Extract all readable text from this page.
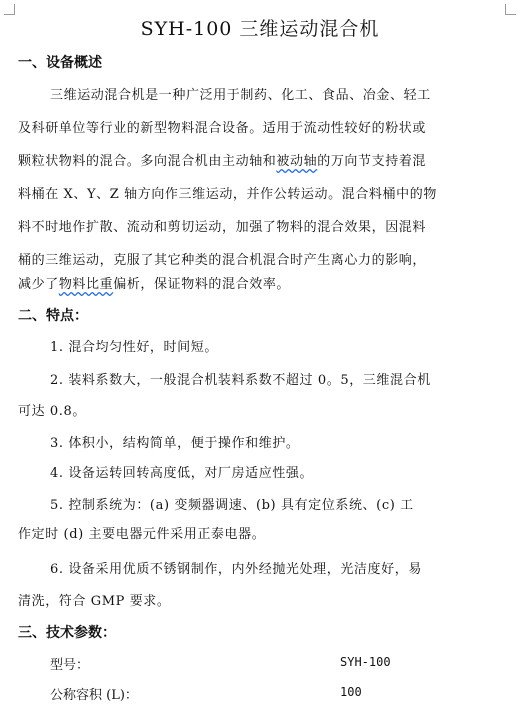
SYH-100 三维运动混合机
一、设备概述
三维运动混合机是一种广泛用于制药、化工、食品、冶金、轻工
及科研单位等行业的新型物料混合设备。适用于流动性较好的粉状或
颗粒状物料的混合。多向混合机由主动轴和被动轴的万向节支持着混
料桶在 X、Y、Z 轴方向作三维运动，并作公转运动。混合料桶中的物
料不时地作扩散、流动和剪切运动，加强了物料的混合效果，因混料
桶的三维运动，克服了其它种类的混合机混合时产生离心力的影响，
减少了物料比重偏析，保证物料的混合效率。
二、特点：
1. 混合均匀性好，时间短。
2. 装料系数大，一般混合机装料系数不超过 0。5，三维混合机
可达 0.8。
3. 体积小，结构简单，便于操作和维护。
4. 设备运转回转高度低，对厂房适应性强。
5. 控制系统为：(a) 变频器调速、(b) 具有定位系统、(c) 工
作定时 (d) 主要电器元件采用正泰电器。
6. 设备采用优质不锈钢制作，内外经抛光处理，光洁度好，易
清洗，符合 GMP 要求。
三、技术参数：
型号：	SYH-100
公称容积 (L)：	100
